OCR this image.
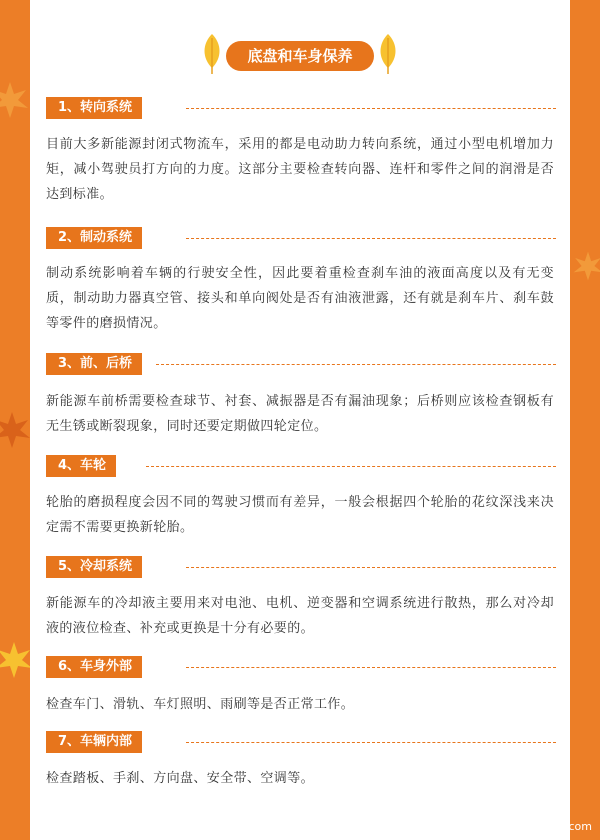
底盘和车身保养
1、转向系统
目前大多新能源封闭式物流车，采用的都是电动助力转向系统，通过小型电机增加力矩，减小驾驶员打方向的力度。这部分主要检查转向器、连杆和零件之间的润滑是否达到标准。
2、制动系统
制动系统影响着车辆的行驶安全性，因此要着重检查刹车油的液面高度以及有无变质，制动助力器真空管、接头和单向阀处是否有油液泄露，还有就是刹车片、刹车鼓等零件的磨损情况。
3、前、后桥
新能源车前桥需要检查球节、衬套、减振器是否有漏油现象；后桥则应该检查钢板有无生锈或断裂现象，同时还要定期做四轮定位。
4、车轮
轮胎的磨损程度会因不同的驾驶习惯而有差异，一般会根据四个轮胎的花纹深浅来决定需不需要更换新轮胎。
5、冷却系统
新能源车的冷却液主要用来对电池、电机、逆变器和空调系统进行散热，那么对冷却液的液位检查、补充或更换是十分有必要的。
6、车身外部
检查车门、滑轨、车灯照明、雨刷等是否正常工作。
7、车辆内部
检查踏板、手刹、方向盘、安全带、空调等。
卡车之家 www.360che.com
